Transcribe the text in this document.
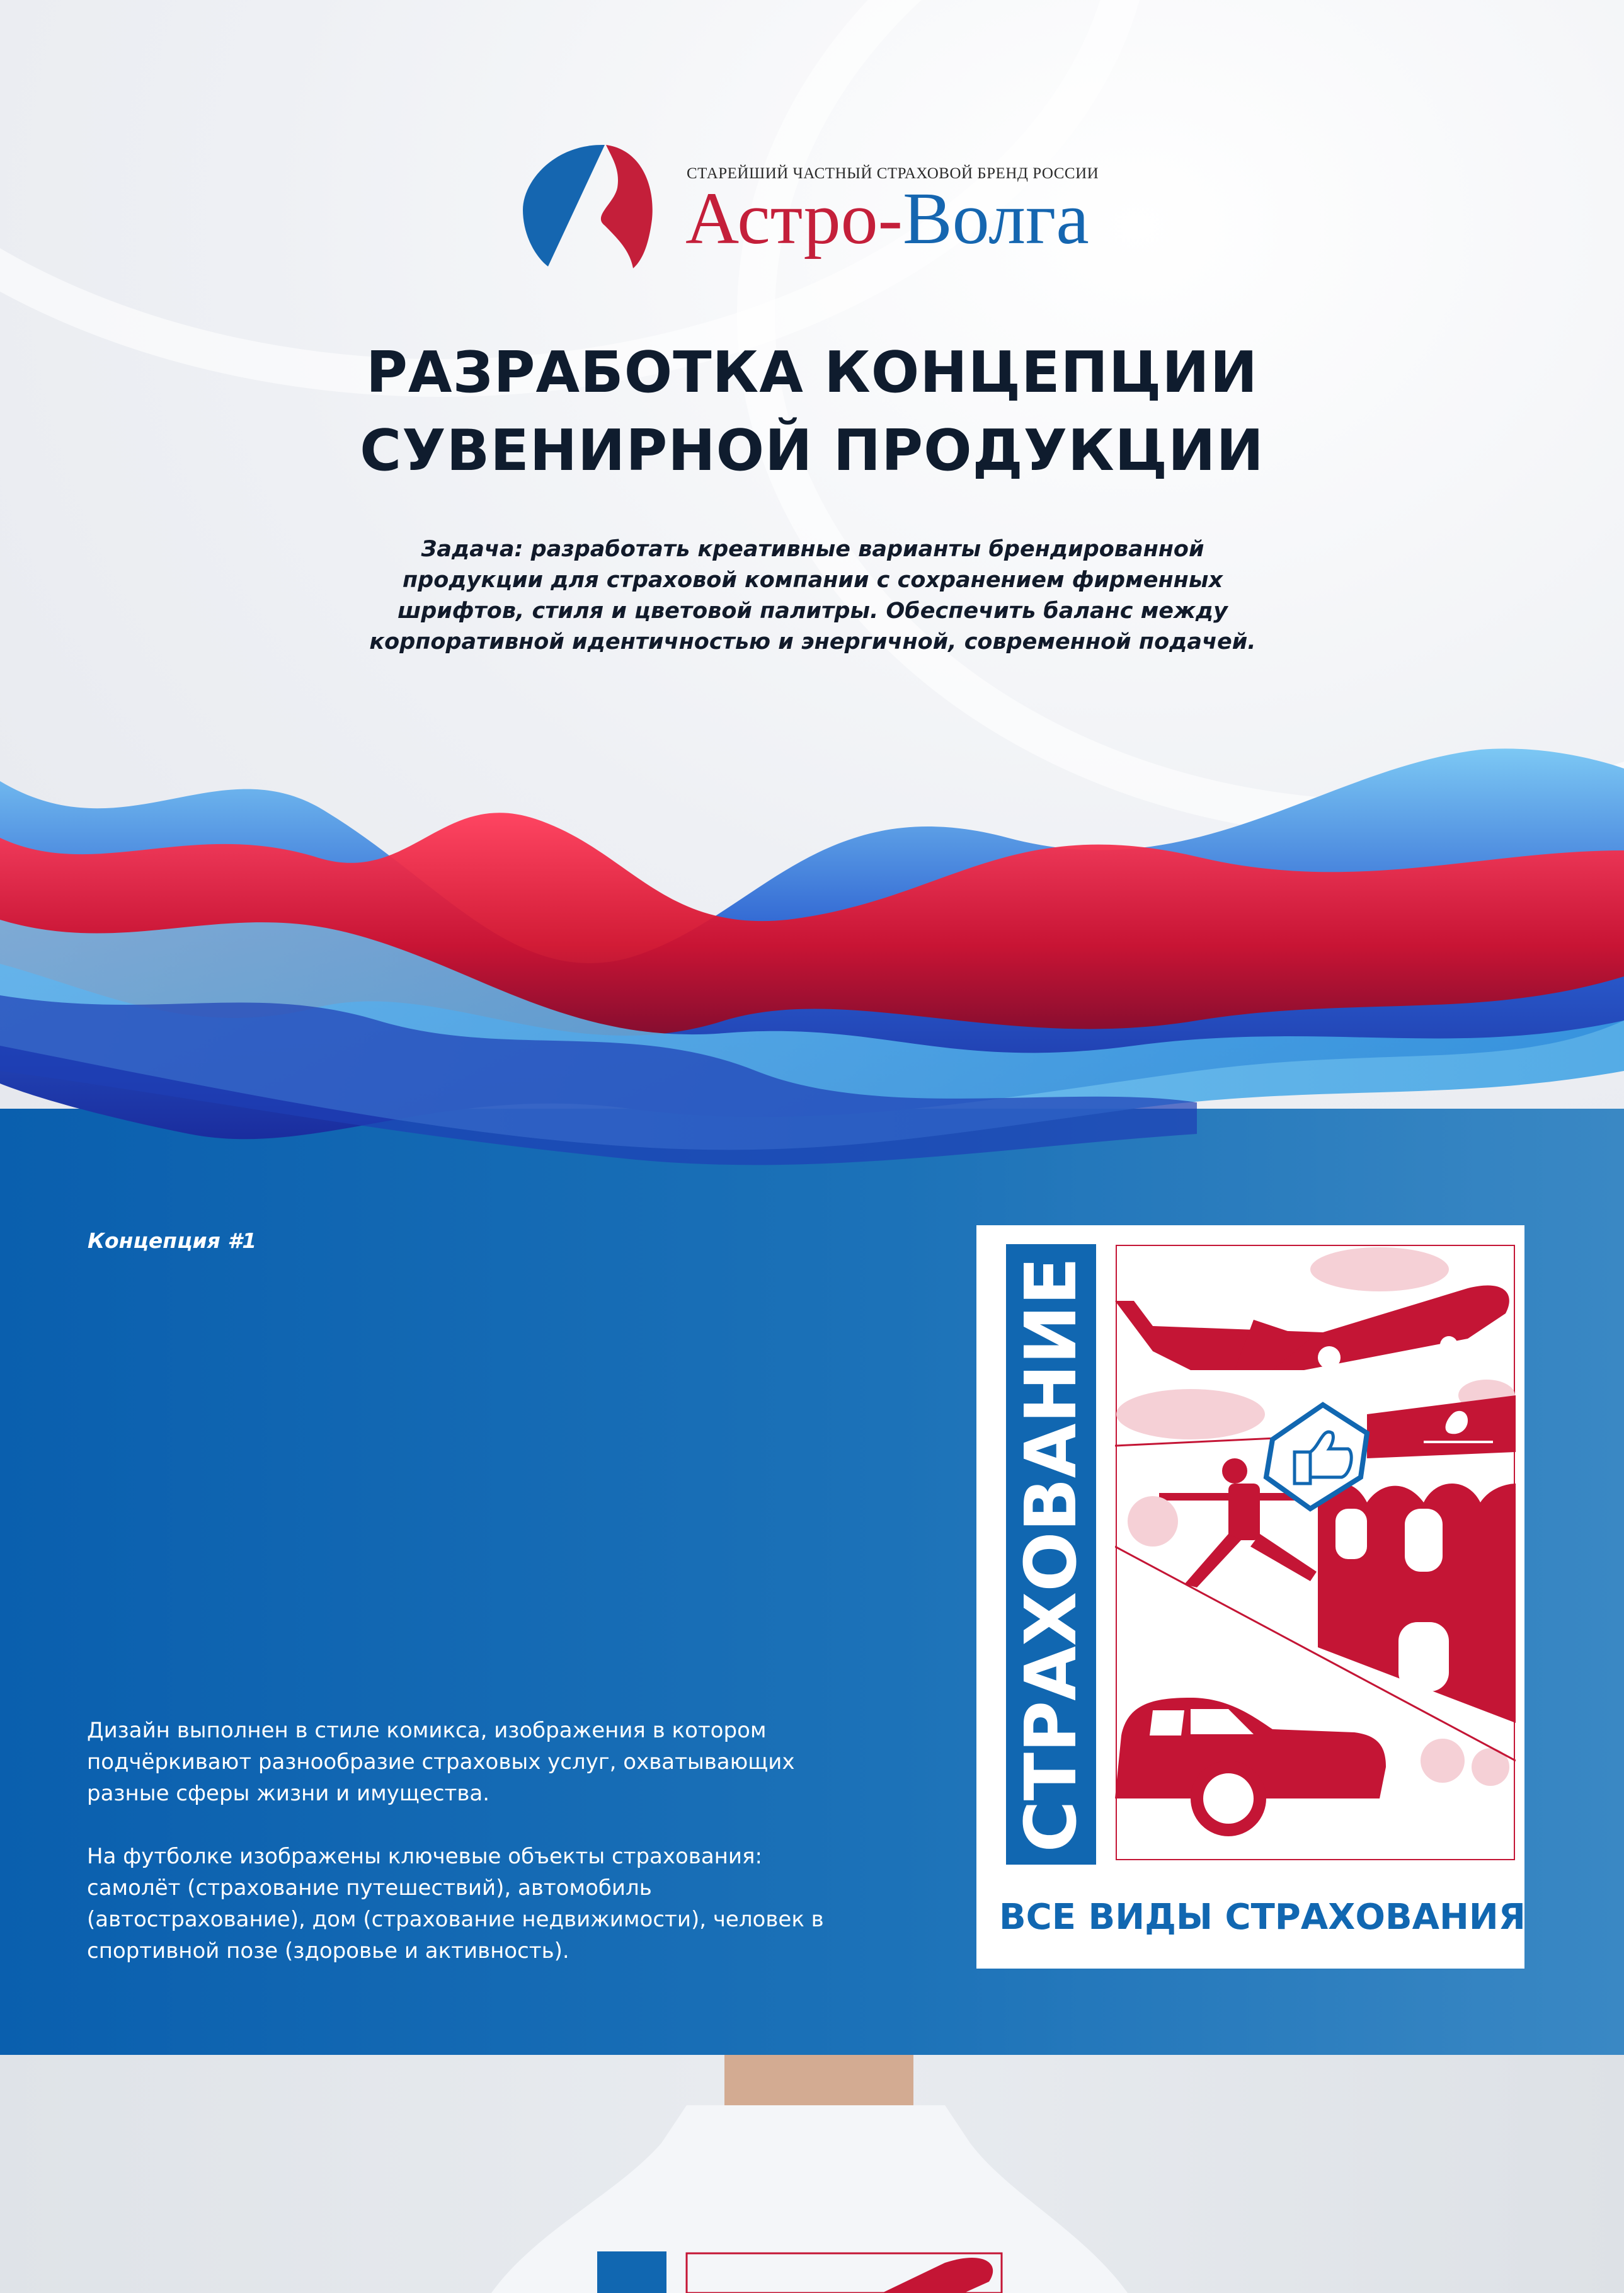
СТАРЕЙШИЙ ЧАСТНЫЙ СТРАХОВОЙ БРЕНД РОССИИ
Астро-Волга
РАЗРАБОТКА КОНЦЕПЦИИ
СУВЕНИРНОЙ ПРОДУКЦИИ
Задача: разработать креативные варианты брендированной продукции для страховой компании с сохранением фирменных шрифтов, стиля и цветовой палитры. Обеспечить баланс между корпоративной идентичностью и энергичной, современной подачей.
Концепция #1

Дизайн выполнен в стиле комикса, изображения в котором подчёркивают разнообразие страховых услуг, охватывающих разные сферы жизни и имущества.

На футболке изображены ключевые объекты страхования: самолёт (страхование путешествий), автомобиль (автострахование), дом (страхование недвижимости), человек в спортивной позе (здоровье и активность).

СТРАХОВАНИЕ
ВСЕ ВИДЫ СТРАХОВАНИЯ
